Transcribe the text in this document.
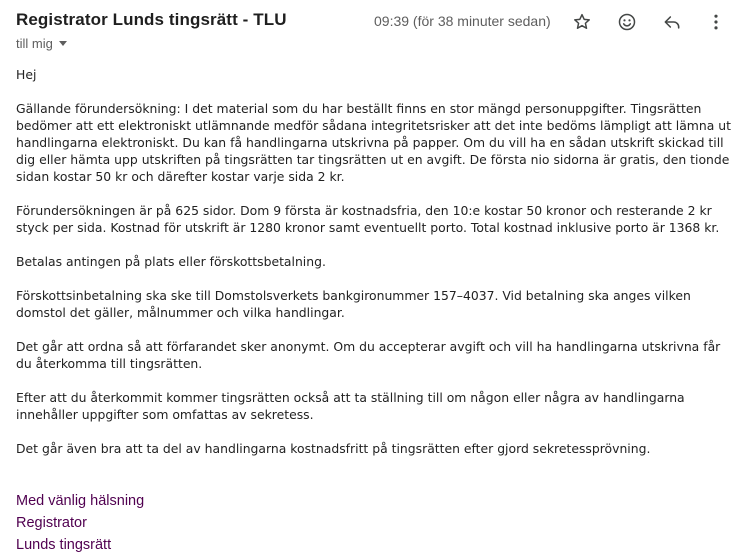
Registrator Lunds tingsrätt - TLU	09:39 (för 38 minuter sedan)
till mig

Hej

Gällande förundersökning: I det material som du har beställt finns en stor mängd personuppgifter. Tingsrätten bedömer att ett elektroniskt utlämnande medför sådana integritetsrisker att det inte bedöms lämpligt att lämna ut handlingarna elektroniskt. Du kan få handlingarna utskrivna på papper. Om du vill ha en sådan utskrift skickad till dig eller hämta upp utskriften på tingsrätten tar tingsrätten ut en avgift. De första nio sidorna är gratis, den tionde sidan kostar 50 kr och därefter kostar varje sida 2 kr.

Förundersökningen är på 625 sidor. Dom 9 första är kostnadsfria, den 10:e kostar 50 kronor och resterande 2 kr styck per sida. Kostnad för utskrift är 1280 kronor samt eventuellt porto. Total kostnad inklusive porto är 1368 kr.

Betalas antingen på plats eller förskottsbetalning.

Förskottsinbetalning ska ske till Domstolsverkets bankgironummer 157–4037. Vid betalning ska anges vilken domstol det gäller, målnummer och vilka handlingar.

Det går att ordna så att förfarandet sker anonymt. Om du accepterar avgift och vill ha handlingarna utskrivna får du återkomma till tingsrätten.

Efter att du återkommit kommer tingsrätten också att ta ställning till om någon eller några av handlingarna innehåller uppgifter som omfattas av sekretess.

Det går även bra att ta del av handlingarna kostnadsfritt på tingsrätten efter gjord sekretessprövning.

Med vänlig hälsning
Registrator
Lunds tingsrätt
